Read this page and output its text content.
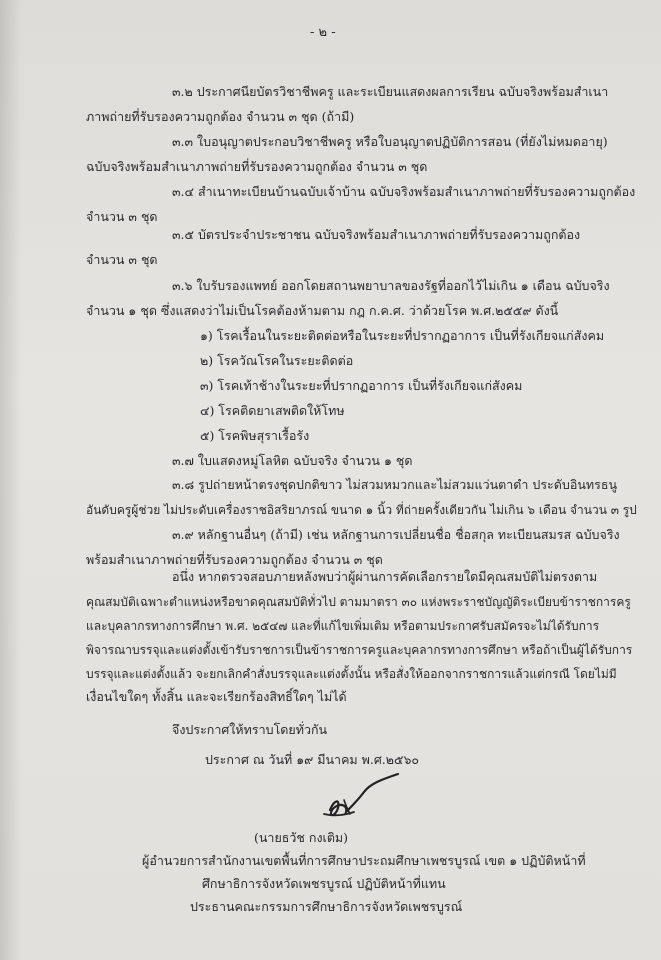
- ๒ -
๓.๒ ประกาศนียบัตรวิชาชีพครู และระเบียนแสดงผลการเรียน ฉบับจริงพร้อมสำเนา
ภาพถ่ายที่รับรองความถูกต้อง จำนวน ๓ ชุด (ถ้ามี)
๓.๓ ใบอนุญาตประกอบวิชาชีพครู หรือใบอนุญาตปฏิบัติการสอน (ที่ยังไม่หมดอายุ)
ฉบับจริงพร้อมสำเนาภาพถ่ายที่รับรองความถูกต้อง จำนวน ๓ ชุด
๓.๔ สำเนาทะเบียนบ้านฉบับเจ้าบ้าน ฉบับจริงพร้อมสำเนาภาพถ่ายที่รับรองความถูกต้อง
จำนวน ๓ ชุด
๓.๕ บัตรประจำประชาชน ฉบับจริงพร้อมสำเนาภาพถ่ายที่รับรองความถูกต้อง
จำนวน ๓ ชุด
๓.๖ ใบรับรองแพทย์ ออกโดยสถานพยาบาลของรัฐที่ออกไว้ไม่เกิน ๑ เดือน ฉบับจริง
จำนวน ๑ ชุด ซึ่งแสดงว่าไม่เป็นโรคต้องห้ามตาม กฎ ก.ค.ศ. ว่าด้วยโรค พ.ศ.๒๕๕๙ ดังนี้
๑) โรคเรื้อนในระยะติดต่อหรือในระยะที่ปรากฏอาการ เป็นที่รังเกียจแก่สังคม
๒) โรควัณโรคในระยะติดต่อ
๓) โรคเท้าช้างในระยะที่ปรากฏอาการ เป็นที่รังเกียจแก่สังคม
๔) โรคติดยาเสพติดให้โทษ
๕) โรคพิษสุราเรื้อรัง
๓.๗ ใบแสดงหมู่โลหิต ฉบับจริง จำนวน ๑ ชุด
๓.๘ รูปถ่ายหน้าตรงชุดปกติขาว ไม่สวมหมวกและไม่สวมแว่นตาดำ ประดับอินทรธนู
อันดับครูผู้ช่วย ไม่ประดับเครื่องราชอิสริยาภรณ์ ขนาด ๑ นิ้ว ที่ถ่ายครั้งเดียวกัน ไม่เกิน ๖ เดือน จำนวน ๓ รูป
๓.๙ หลักฐานอื่นๆ (ถ้ามี) เช่น หลักฐานการเปลี่ยนชื่อ ชื่อสกุล ทะเบียนสมรส ฉบับจริง
พร้อมสำเนาภาพถ่ายที่รับรองความถูกต้อง จำนวน ๓ ชุด
อนึ่ง หากตรวจสอบภายหลังพบว่าผู้ผ่านการคัดเลือกรายใดมีคุณสมบัติไม่ตรงตาม
คุณสมบัติเฉพาะตำแหน่งหรือขาดคุณสมบัติทั่วไป ตามมาตรา ๓๐ แห่งพระราชบัญญัติระเบียบข้าราชการครู
และบุคลากรทางการศึกษา พ.ศ. ๒๕๔๗ และที่แก้ไขเพิ่มเติม หรือตามประกาศรับสมัครจะไม่ได้รับการ
พิจารณาบรรจุและแต่งตั้งเข้ารับราชการเป็นข้าราชการครูและบุคลากรทางการศึกษา หรือถ้าเป็นผู้ได้รับการ
บรรจุและแต่งตั้งแล้ว จะยกเลิกคำสั่งบรรจุและแต่งตั้งนั้น หรือสั่งให้ออกจากราชการแล้วแต่กรณี โดยไม่มี
เงื่อนไขใดๆ ทั้งสิ้น และจะเรียกร้องสิทธิ์ใดๆ ไม่ได้
จึงประกาศให้ทราบโดยทั่วกัน
ประกาศ ณ วันที่ ๑๙ มีนาคม พ.ศ.๒๕๖๐
(นายธวัช กงเติม)
ผู้อำนวยการสำนักงานเขตพื้นที่การศึกษาประถมศึกษาเพชรบูรณ์ เขต ๑ ปฏิบัติหน้าที่
ศึกษาธิการจังหวัดเพชรบูรณ์ ปฏิบัติหน้าที่แทน
ประธานคณะกรรมการศึกษาธิการจังหวัดเพชรบูรณ์
